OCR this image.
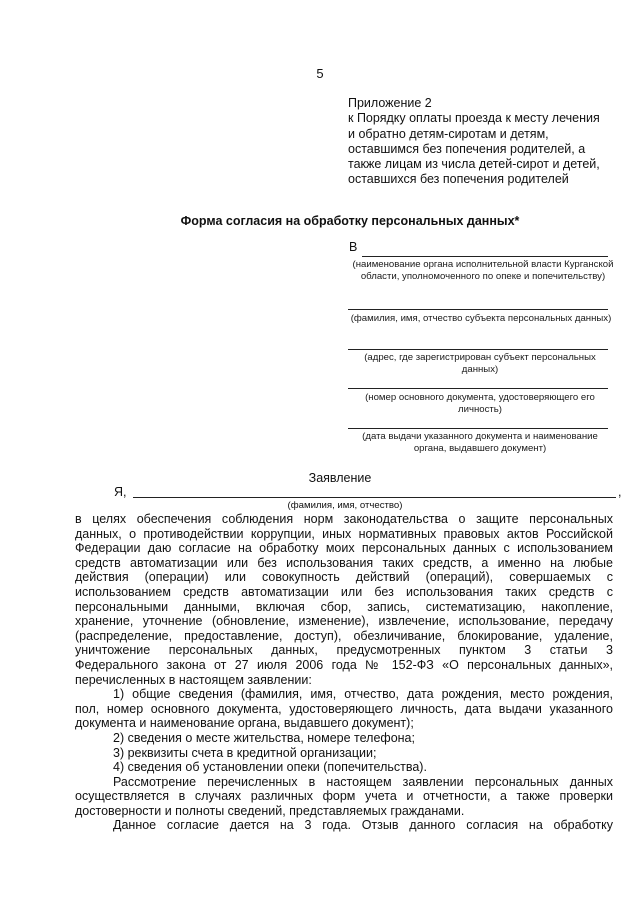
5
Приложение 2
к Порядку оплаты проезда к месту лечения
и обратно детям-сиротам и детям,
оставшимся без попечения родителей, а
также лицам из числа детей-сирот и детей,
оставшихся без попечения родителей
Форма согласия на обработку персональных данных*
В
(наименование органа исполнительной власти Курганской области, уполномоченного по опеке и попечительству)
(фамилия, имя, отчество субъекта персональных данных)
(адрес, где зарегистрирован субъект персональных данных)
(номер основного документа, удостоверяющего его личность)
(дата выдачи указанного документа и наименование органа, выдавшего документ)
Заявление
Я,	,
(фамилия, имя, отчество)
в целях обеспечения соблюдения норм законодательства о защите персональных
данных, о противодействии коррупции, иных нормативных правовых актов Российской
Федерации даю согласие на обработку моих персональных данных с использованием
средств автоматизации или без использования таких средств, а именно на любые
действия (операции) или совокупность действий (операций), совершаемых с
использованием средств автоматизации или без использования таких средств с
персональными данными, включая сбор, запись, систематизацию, накопление,
хранение, уточнение (обновление, изменение), извлечение, использование, передачу
(распределение, предоставление, доступ), обезличивание, блокирование, удаление,
уничтожение персональных данных, предусмотренных пунктом 3 статьи 3
Федерального закона от 27 июля 2006 года № 152-ФЗ «О персональных данных»,
перечисленных в настоящем заявлении:
1) общие сведения (фамилия, имя, отчество, дата рождения, место рождения,
пол, номер основного документа, удостоверяющего личность, дата выдачи указанного
документа и наименование органа, выдавшего документ);
2) сведения о месте жительства, номере телефона;
3) реквизиты счета в кредитной организации;
4) сведения об установлении опеки (попечительства).
Рассмотрение перечисленных в настоящем заявлении персональных данных
осуществляется в случаях различных форм учета и отчетности, а также проверки
достоверности и полноты сведений, представляемых гражданами.
Данное согласие дается на 3 года. Отзыв данного согласия на обработку
